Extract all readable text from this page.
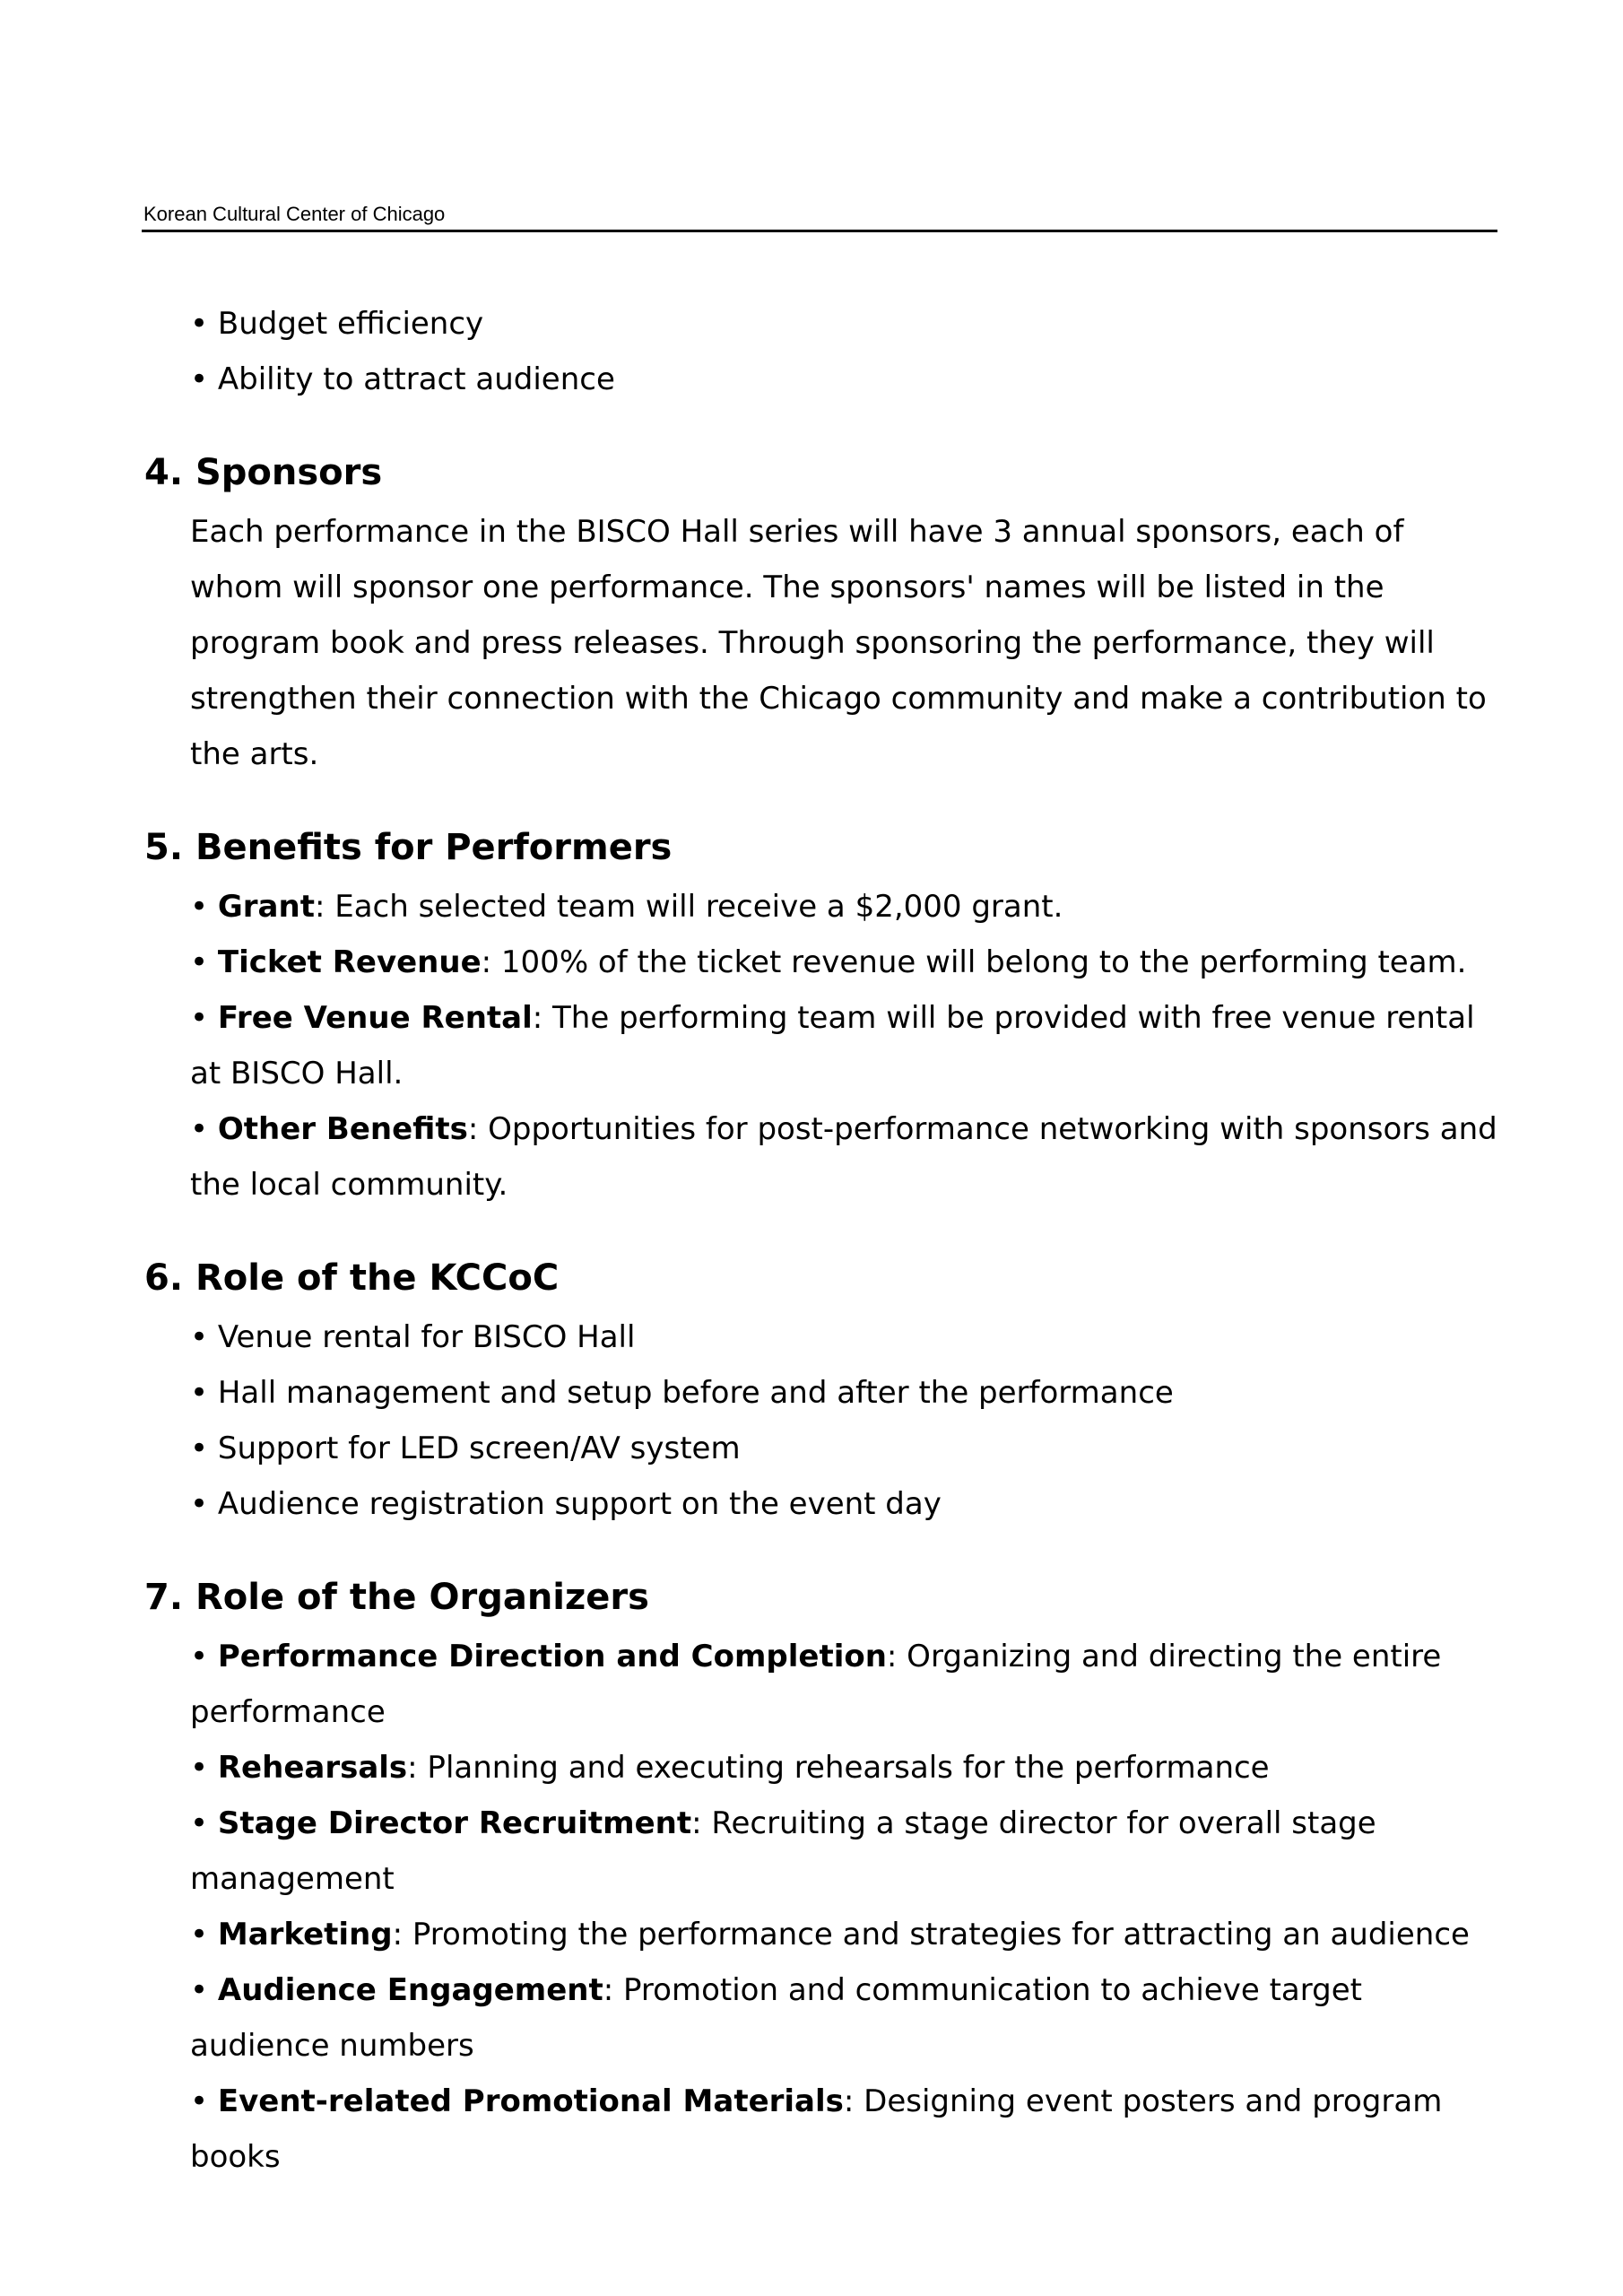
Korean Cultural Center of Chicago

• Budget efficiency

• Ability to attract audience

4. Sponsors

Each performance in the BISCO Hall series will have 3 annual sponsors, each of whom will sponsor one performance. The sponsors' names will be listed in the program book and press releases. Through sponsoring the performance, they will strengthen their connection with the Chicago community and make a contribution to the arts.

5. Benefits for Performers

• Grant: Each selected team will receive a $2,000 grant.

• Ticket Revenue: 100% of the ticket revenue will belong to the performing team.

• Free Venue Rental: The performing team will be provided with free venue rental at BISCO Hall.

• Other Benefits: Opportunities for post-performance networking with sponsors and the local community.

6. Role of the KCCoC

• Venue rental for BISCO Hall

• Hall management and setup before and after the performance

• Support for LED screen/AV system

• Audience registration support on the event day

7. Role of the Organizers

• Performance Direction and Completion: Organizing and directing the entire performance

• Rehearsals: Planning and executing rehearsals for the performance

• Stage Director Recruitment: Recruiting a stage director for overall stage management

• Marketing: Promoting the performance and strategies for attracting an audience

• Audience Engagement: Promotion and communication to achieve target audience numbers

• Event-related Promotional Materials: Designing event posters and program books
